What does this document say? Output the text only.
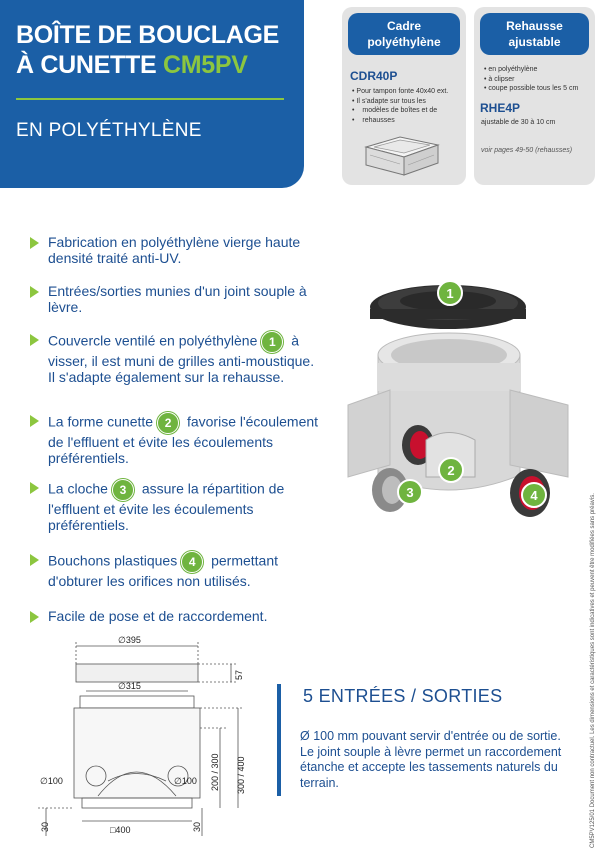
BOÎTE DE BOUCLAGE
À CUNETTE CM5PV
EN POLYÉTHYLÈNE
Cadre
polyéthylène
CDR40P
• Pour tampon fonte 40x40 ext.
• Il s'adapte sur tous les
• modèles de boîtes et de
• rehausses
Rehausse
ajustable
• en polyéthylène
• à clipser
• coupe possible tous les 5 cm
RHE4P
ajustable de 30 à 10 cm
voir pages 49-50 (rehausses)
Fabrication en polyéthylène vierge haute densité traité anti-UV.
Entrées/sorties munies d'un joint souple à lèvre.
Couvercle ventilé en polyéthylène 1 à visser, il est muni de grilles anti-moustique. Il s'adapte également sur la rehausse.
La forme cunette 2 favorise l'écoulement de l'effluent et évite les écoulements préférentiels.
La cloche 3 assure la répartition de l'effluent et évite les écoulements préférentiels.
Bouchons plastiques 4 permettant d'obturer les orifices non utilisés.
Facile de pose et de raccordement.
1
2
3	4
∅395
∅315
57
200 / 300 300 / 400
∅100	∅100
30	30
□400
5 ENTRÉES / SORTIES
Ø 100 mm pouvant servir d'entrée ou de sortie. Le joint souple à lèvre permet un raccordement étanche et accepte les tassements naturels du terrain.	CM5PV125/01 Document non contractuel. Les dimensions et caractéristiques sont indicatives et peuvent être modifiées sans préavis.
